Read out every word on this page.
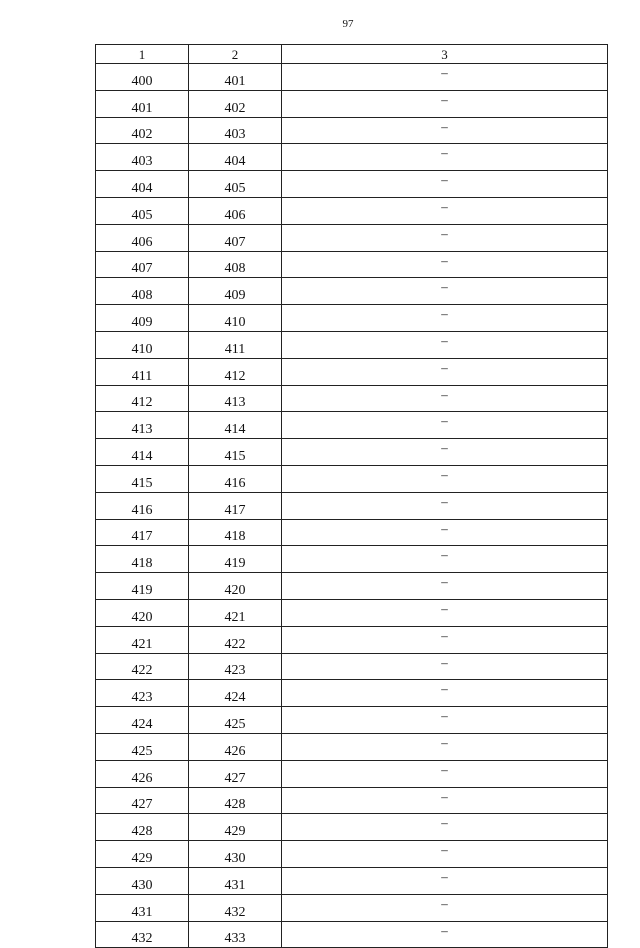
97
1	2	3
400	401	–
401	402	–
402	403	–
403	404	–
404	405	–
405	406	–
406	407	–
407	408	–
408	409	–
409	410	–
410	411	–
411	412	–
412	413	–
413	414	–
414	415	–
415	416	–
416	417	–
417	418	–
418	419	–
419	420	–
420	421	–
421	422	–
422	423	–
423	424	–
424	425	–
425	426	–
426	427	–
427	428	–
428	429	–
429	430	–
430	431	–
431	432	–
432	433	–
